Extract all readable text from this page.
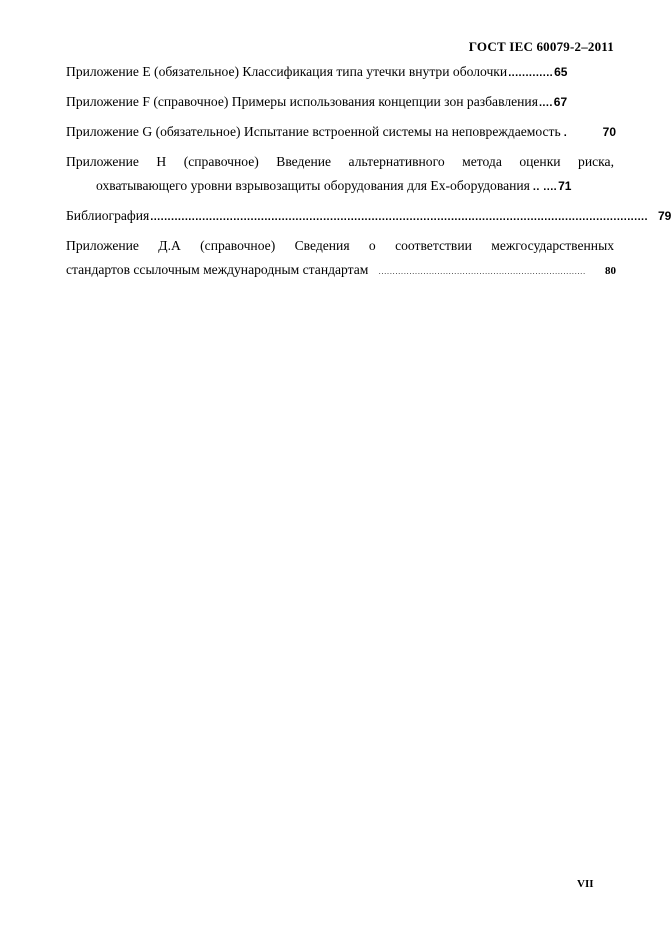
ГОСТ IEC 60079-2–2011
Приложение E (обязательное) Классификация типа утечки внутри оболочки ............. 65
Приложение F (справочное) Примеры использования концепции зон разбавления .... 67
Приложение G (обязательное) Испытание встроенной системы на неповреждаемость .	70
Приложение H (справочное) Введение альтернативного метода оценки риска,
охватывающего уровни взрывозащиты оборудования для Ех-оборудования .. .... 71
Библиография ................................................................................................................................................ 79
Приложение Д.А (справочное) Сведения о соответствии межгосударственных
стандартов ссылочным международным стандартам ..........................................................................	80
VII
